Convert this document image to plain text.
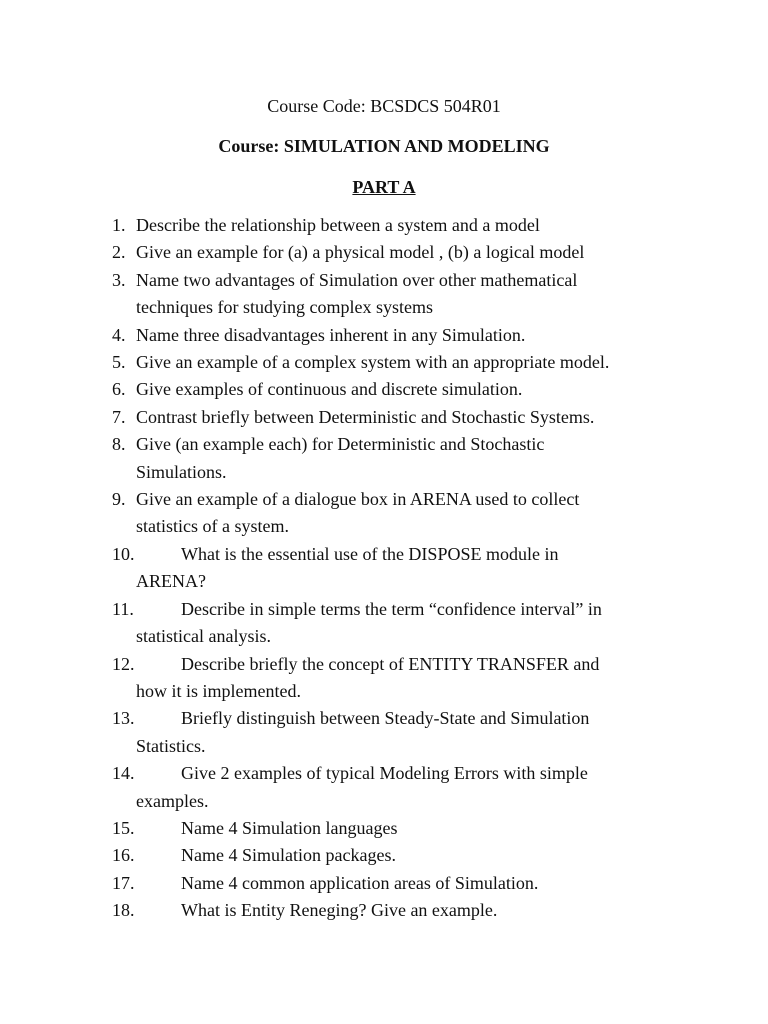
Course Code: BCSDCS 504R01
Course: SIMULATION AND MODELING
PART A
1. Describe the relationship between a system and a model
2. Give an example for (a) a physical model , (b) a logical model
3. Name two advantages of Simulation over other mathematical
techniques for studying complex systems
4. Name three disadvantages inherent in any Simulation.
5. Give an example of a complex system with an appropriate model.
6. Give examples of continuous and discrete simulation.
7. Contrast briefly between Deterministic and Stochastic Systems.
8. Give (an example each) for Deterministic and Stochastic
Simulations.
9. Give an example of a dialogue box in ARENA used to collect
statistics of a system.
10.	What is the essential use of the DISPOSE module in
ARENA?
11.	Describe in simple terms the term “confidence interval” in
statistical analysis.
12.	Describe briefly the concept of ENTITY TRANSFER and
how it is implemented.
13.	Briefly distinguish between Steady-State and Simulation
Statistics.
14.	Give 2 examples of typical Modeling Errors with simple
examples.
15.	Name 4 Simulation languages
16.	Name 4 Simulation packages.
17.	Name 4 common application areas of Simulation.
18.	What is Entity Reneging? Give an example.
